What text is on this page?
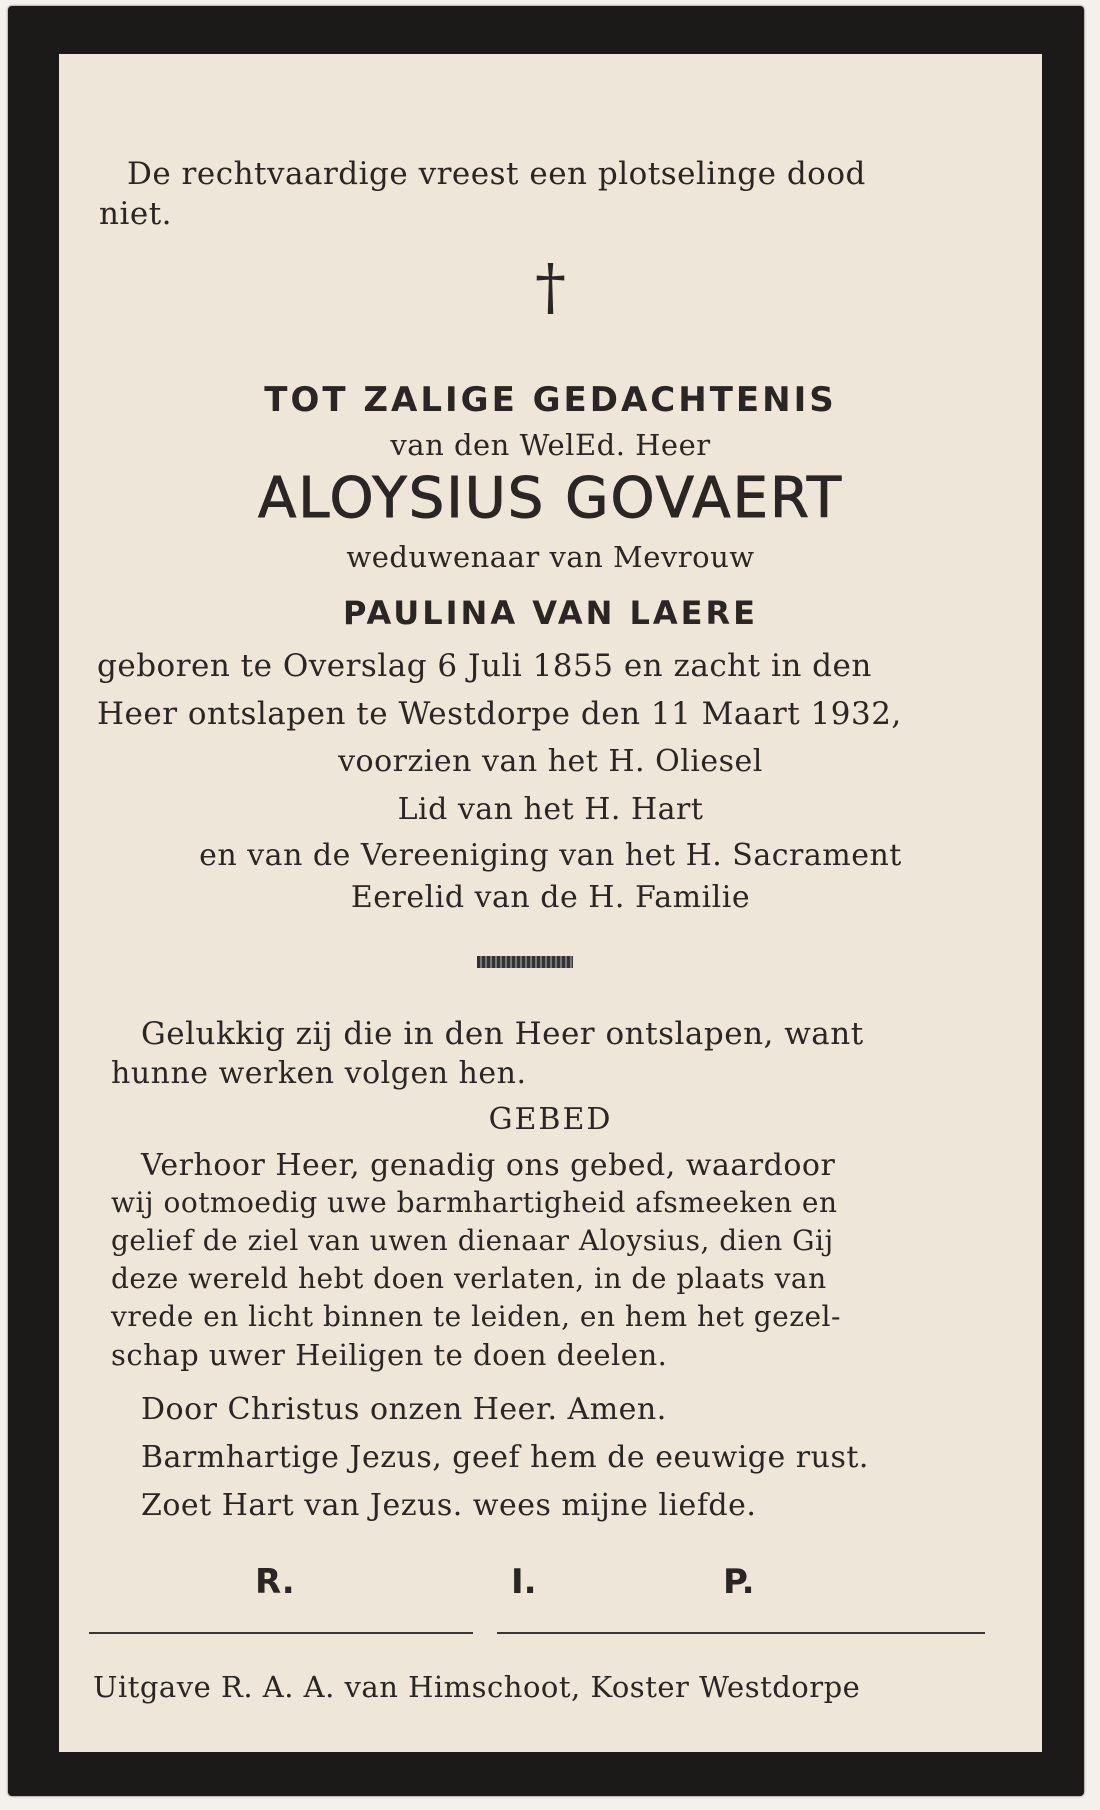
De rechtvaardige vreest een plotselinge dood
niet.
†
TOT ZALIGE GEDACHTENIS
van den WelEd. Heer
ALOYSIUS GOVAERT
weduwenaar van Mevrouw
PAULINA VAN LAERE
geboren te Overslag 6 Juli 1855 en zacht in den
Heer ontslapen te Westdorpe den 11 Maart 1932,
voorzien van het H. Oliesel
Lid van het H. Hart
en van de Vereeniging van het H. Sacrament
Eerelid van de H. Familie
Gelukkig zij die in den Heer ontslapen, want
hunne werken volgen hen.
GEBED
Verhoor Heer, genadig ons gebed, waardoor
wij ootmoedig uwe barmhartigheid afsmeeken en
gelief de ziel van uwen dienaar Aloysius, dien Gij
deze wereld hebt doen verlaten, in de plaats van
vrede en licht binnen te leiden, en hem het gezel-
schap uwer Heiligen te doen deelen.
Door Christus onzen Heer. Amen.
Barmhartige Jezus, geef hem de eeuwige rust.
Zoet Hart van Jezus. wees mijne liefde.
R.	I.	P.
Uitgave R. A. A. van Himschoot, Koster Westdorpe
